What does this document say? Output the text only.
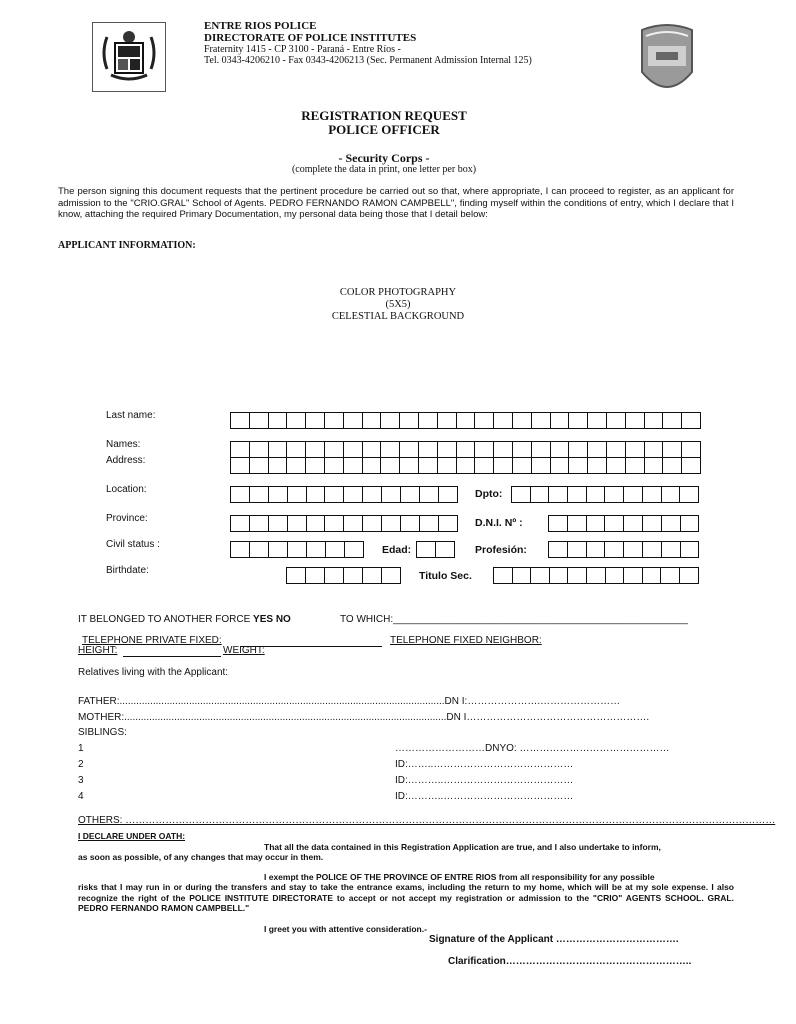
ENTRE RIOS POLICE
DIRECTORATE OF POLICE INSTITUTES
Fraternity 1415 - CP 3100 - Paraná - Entre Ríos -
Tel. 0343-4206210 - Fax 0343-4206213 (Sec. Permanent Admission Internal 125)
REGISTRATION REQUEST
POLICE OFFICER
- Security Corps -
(complete the data in print, one letter per box)
The person signing this document requests that the pertinent procedure be carried out so that, where appropriate, I can proceed to register, as an applicant for admission to the "CRIO.GRAL" School of Agents. PEDRO FERNANDO RAMON CAMPBELL", finding myself within the conditions of entry, which I declare that I know, attaching the required Primary Documentation, my personal data being those that I detail below:
APPLICANT INFORMATION:
COLOR PHOTOGRAPHY
(5X5)
CELESTIAL BACKGROUND
Last name:
Names:
Address:
Location:	Dpto:
Province:	D.N.I. Nº :
Civil status :	Edad:	Profesión:
Birthdate:	Titulo Sec.
IT BELONGED TO ANOTHER FORCE YES NO	TO WHICH:_____________________________________________________
TELEPHONE PRIVATE FIXED:	TELEPHONE FIXED NEIGHBOR:
HEIGHT:	WEIGHT:
Relatives living with the Applicant:
FATHER:.....................................................................................................................DN I:………………….……………………
MOTHER:....................................................................................................................DN I……………………………………………….
SIBLINGS:
1	………………………DNYO: ………………………………………
2	ID:……..……………………………………
3	ID:………..…………………………………
4	ID:………..…………………………………
OTHERS: ……………………………………………………………………………………………………………………………………………………………………………
I DECLARE UNDER OATH:
That all the data contained in this Registration Application are true, and I also undertake to inform,
as soon as possible, of any changes that may occur in them.
I exempt the POLICE OF THE PROVINCE OF ENTRE RIOS from all responsibility for any possible
risks that I may run in or during the transfers and stay to take the entrance exams, including the return to my home, which will be at my sole expense. I also recognize the right of the POLICE INSTITUTE DIRECTORATE to accept or not accept my registration or admission to the "CRIO" AGENTS SCHOOL. GRAL. PEDRO FERNANDO RAMON CAMPBELL."
I greet you with attentive consideration.-
Signature of the Applicant ……………………………….
Clarification………………………………………………..
